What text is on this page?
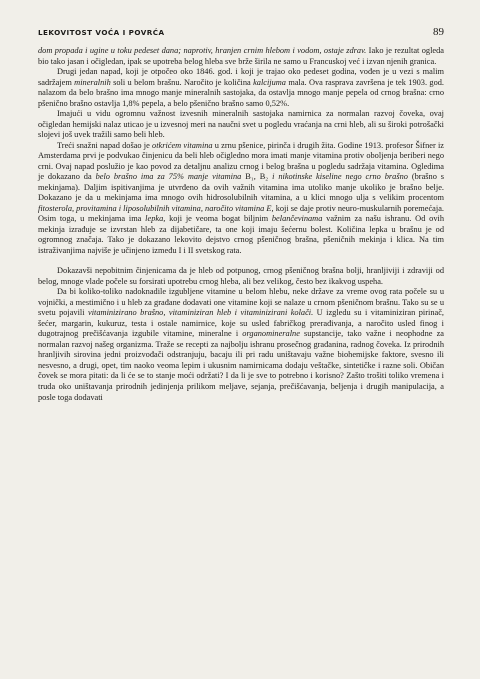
LEKOVITOST VOĆA I POVRĆA	89

dom propada i ugine u toku pedeset dana; naprotiv, hranjen crnim hlebom i vodom, ostaje zdrav. Iako je rezultat ogleda bio tako jasan i očigledan, ipak se upotreba belog hleba sve brže širila ne samo u Francuskoj već i izvan njenih granica.

Drugi jedan napad, koji je otpočeo oko 1846. god. i koji je trajao oko pedeset godina, vođen je u vezi s malim sadržajem mineralnih soli u belom brašnu. Naročito je količina kalcijuma mala. Ova rasprava završena je tek 1903. god. nalazom da belo brašno ima mnogo manje mineralnih sastojaka, da ostavlja mnogo manje pepela od crnog brašna: crno pšenično brašno ostavlja 1,8% pepela, a belo pšenično brašno samo 0,52%.

Imajući u vidu ogromnu važnost izvesnih mineralnih sastojaka namirnica za normalan razvoj čoveka, ovaj očigledan hemijski nalaz uticao je u izvesnoj meri na naučni svet u pogledu vraćanja na crni hleb, ali su široki potrošački slojevi još uvek tražili samo beli hleb.

Treći snažni napad došao je otkrićem vitamina u zrnu pšenice, pirinča i drugih žita. Godine 1913. profesor Šifner iz Amsterdama prvi je podvukao činjenicu da beli hleb očigledno mora imati manje vitamina protiv obolјenja beriberi nego crni. Ovaj napad poslužio je kao povod za detaljnu analizu crnog i belog brašna u pogledu sadržaja vitamina. Ogledima je dokazano da belo brašno ima za 75% manje vitamina B₁, B₂ i nikotinske kiseline nego crno brašno (brašno s mekinjama). Daljim ispitivanjima je utvrđeno da ovih važnih vitamina ima utoliko manje ukoliko je brašno belje. Dokazano je da u mekinjama ima mnogo ovih hidrosolubilnih vitamina, a u klici mnogo ulja s velikim procentom fitosterola, provitamina i liposolubilnih vitamina, naročito vitamina E, koji se daje protiv neuro-muskularnih poremećaja. Osim toga, u mekinjama ima lepka, koji je veoma bogat biljnim belančevinama važnim za našu ishranu. Od ovih mekinja izrađuje se izvrstan hleb za dijabetičare, ta one koji imaju šećernu bolest. Količina lepka u brašnu je od ogromnog značaja. Tako je dokazano lekovito dejstvo crnog pšeničnog brašna, pšeničnih mekinja i klica. Na tim istraživanjima najviše je učinjeno između I i II svetskog rata.

Dokazavši nepobitnim činjenicama da je hleb od potpunog, crnog pšeničnog brašna bolji, hranljiviji i zdraviji od belog, mnoge vlade počele su forsirati upotrebu crnog hleba, ali bez velikog, često bez ikakvog uspeha.

Da bi koliko-toliko nadoknadile izgubljene vitamine u belom hlebu, neke države za vreme ovog rata počele su u vojnički, a mestimično i u hleb za građane dodavati one vitamine koji se nalaze u crnom pšeničnom brašnu. Tako su se u svetu pojavili vitaminizirano brašno, vitaminiziran hleb i vitaminizirani kolači. U izgledu su i vitaminiziran pirinač, šećer, margarin, kukuruz, testa i ostale namirnice, koje su usled fabričkog prerađivanja, a naročito usled finog i dugotrajnog prečišćavanja izgubile vitamine, mineralne i organomineralne supstancije, tako važne i neophodne za normalan razvoj našeg organizma. Traže se recepti za najbolju ishranu prosečnog građanina, radnog čoveka. Iz prirodnih hranljivih sirovina jedni proizvođači odstranjuju, bacaju ili pri radu uništavaju važne biohemijske faktore, svesno ili nesvesno, a drugi, opet, tim naoko veoma lepim i ukusnim namirnicama dodaju veštačke, sintetičke i razne soli. Običan čovek se mora pitati: da li će se to stanje moći održati? I da li je sve to potrebno i korisno? Zašto trošiti toliko vremena i truda oko uništavanja prirodnih jedinjenja prilikom meljave, sejanja, prečišćavanja, beljenja i drugih manipulacija, a posle toga dodavati
